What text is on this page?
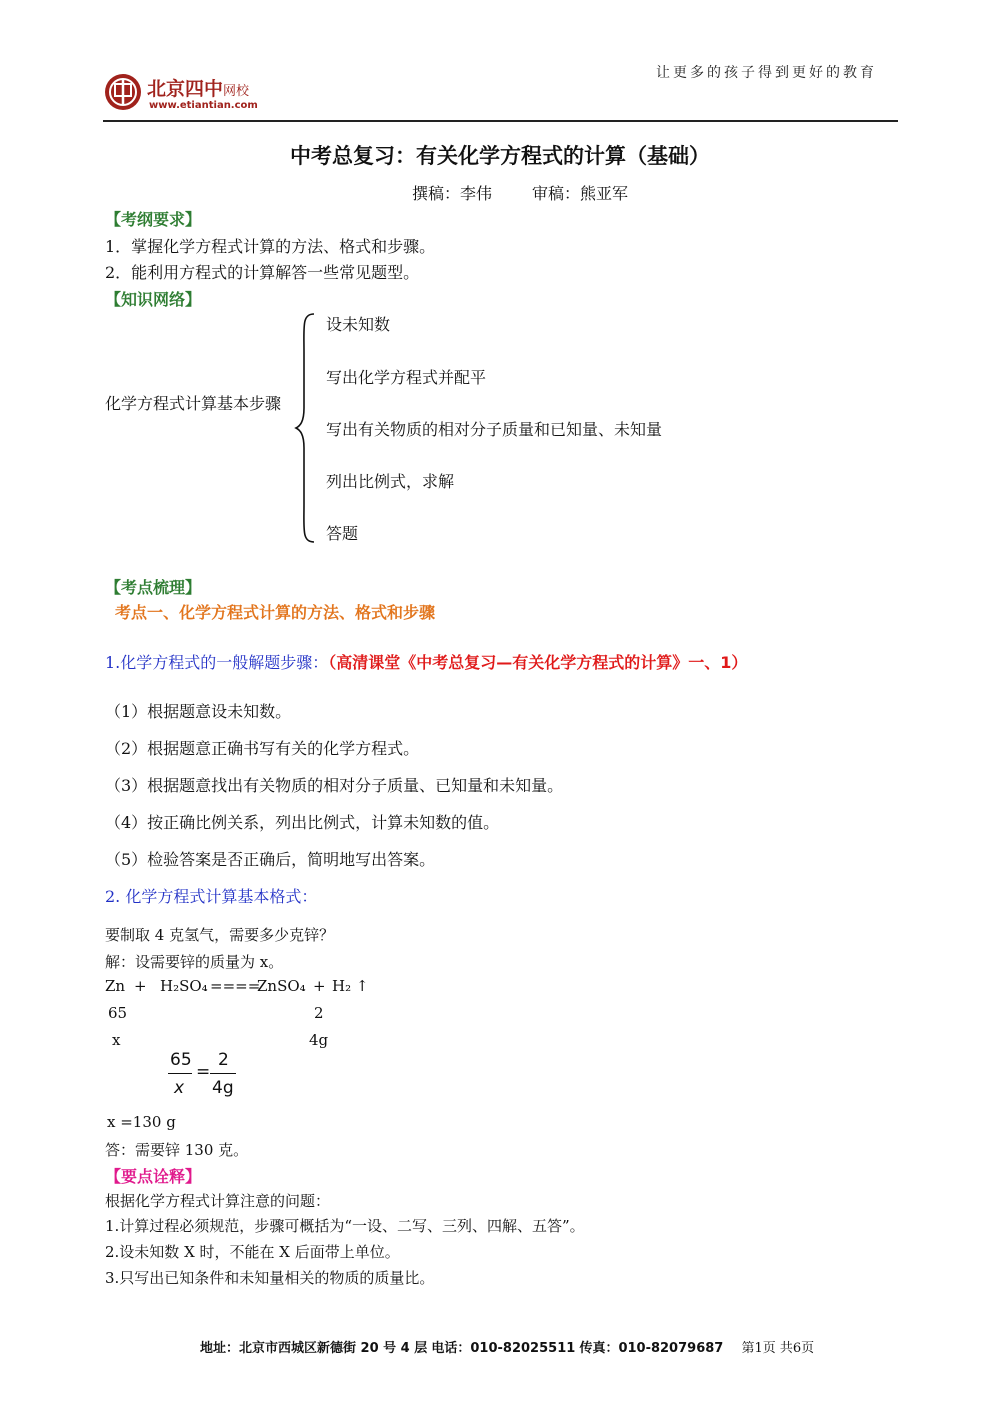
让更多的孩子得到更好的教育
北京四中网校
www.etiantian.com
中考总复习：有关化学方程式的计算（基础）
撰稿：李伟	审稿：熊亚军
【考纲要求】
1．掌握化学方程式计算的方法、格式和步骤。
2．能利用方程式的计算解答一些常见题型。
【知识网络】
化学方程式计算基本步骤
设未知数
写出化学方程式并配平
写出有关物质的相对分子质量和已知量、未知量
列出比例式，求解
答题
【考点梳理】
考点一、化学方程式计算的方法、格式和步骤
1.化学方程式的一般解题步骤：（高清课堂《中考总复习—有关化学方程式的计算》一、1）
（1）根据题意设未知数。
（2）根据题意正确书写有关的化学方程式。
（3）根据题意找出有关物质的相对分子质量、已知量和未知量。
（4）按正确比例关系，列出比例式，计算未知数的值。
（5）检验答案是否正确后，简明地写出答案。
2. 化学方程式计算基本格式：
要制取 4 克氢气，需要多少克锌？
解：设需要锌的质量为 x。
Zn + H₂SO₄ ====
ZnSO₄ + H₂ ↑
65	2
x	4g
65
x
=
2
4g
x =130 g
答：需要锌 130 克。
【要点诠释】
根据化学方程式计算注意的问题：
1.计算过程必须规范，步骤可概括为“一设、二写、三列、四解、五答”。
2.设未知数 X 时，不能在 X 后面带上单位。
3.只写出已知条件和未知量相关的物质的质量比。
地址：北京市西城区新德街 20 号 4 层 电话：010-82025511 传真：010-82079687 第1页 共6页
